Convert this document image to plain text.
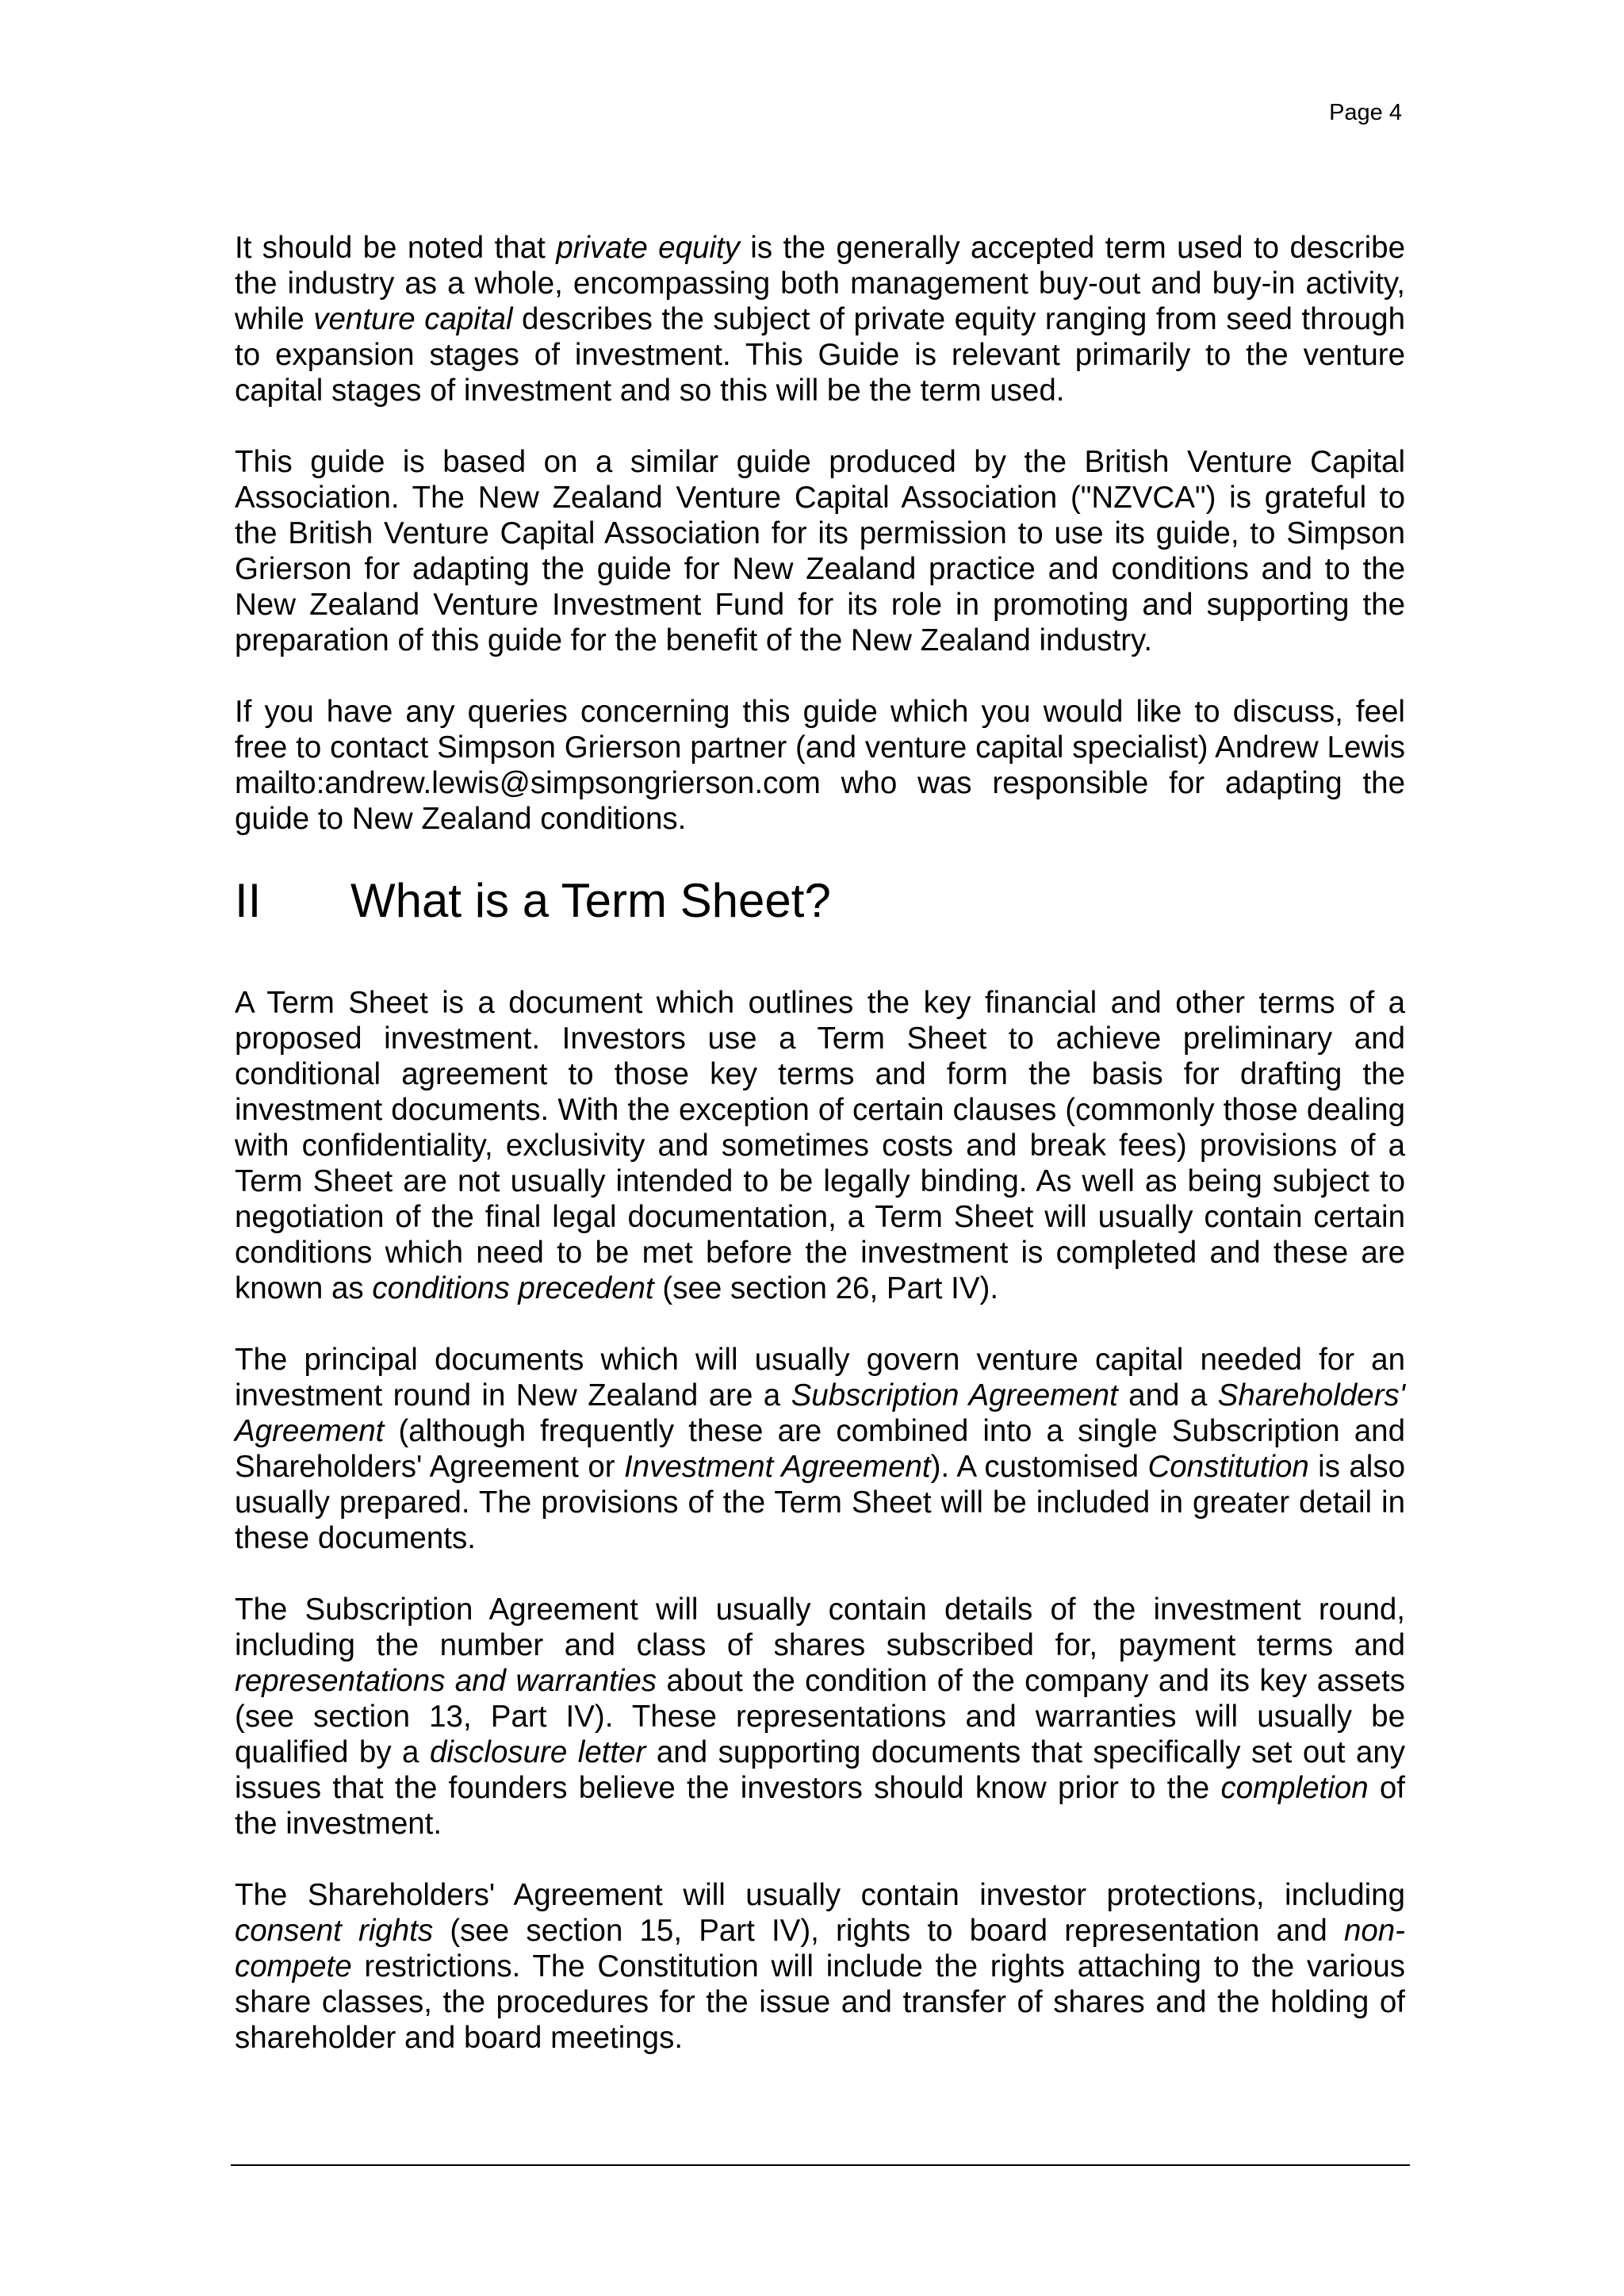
Page 4

It should be noted that private equity is the generally accepted term used to describe the industry as a whole, encompassing both management buy-out and buy-in activity, while venture capital describes the subject of private equity ranging from seed through to expansion stages of investment. This Guide is relevant primarily to the venture capital stages of investment and so this will be the term used.

This guide is based on a similar guide produced by the British Venture Capital Association. The New Zealand Venture Capital Association ("NZVCA") is grateful to the British Venture Capital Association for its permission to use its guide, to Simpson Grierson for adapting the guide for New Zealand practice and conditions and to the New Zealand Venture Investment Fund for its role in promoting and supporting the preparation of this guide for the benefit of the New Zealand industry.

If you have any queries concerning this guide which you would like to discuss, feel free to contact Simpson Grierson partner (and venture capital specialist) Andrew Lewis mailto:andrew.lewis@simpsongrierson.com who was responsible for adapting the guide to New Zealand conditions.

II	What is a Term Sheet?

A Term Sheet is a document which outlines the key financial and other terms of a proposed investment. Investors use a Term Sheet to achieve preliminary and conditional agreement to those key terms and form the basis for drafting the investment documents. With the exception of certain clauses (commonly those dealing with confidentiality, exclusivity and sometimes costs and break fees) provisions of a Term Sheet are not usually intended to be legally binding. As well as being subject to negotiation of the final legal documentation, a Term Sheet will usually contain certain conditions which need to be met before the investment is completed and these are known as conditions precedent (see section 26, Part IV).

The principal documents which will usually govern venture capital needed for an investment round in New Zealand are a Subscription Agreement and a Shareholders' Agreement (although frequently these are combined into a single Subscription and Shareholders' Agreement or Investment Agreement). A customised Constitution is also usually prepared. The provisions of the Term Sheet will be included in greater detail in these documents.

The Subscription Agreement will usually contain details of the investment round, including the number and class of shares subscribed for, payment terms and representations and warranties about the condition of the company and its key assets (see section 13, Part IV). These representations and warranties will usually be qualified by a disclosure letter and supporting documents that specifically set out any issues that the founders believe the investors should know prior to the completion of the investment.

The Shareholders' Agreement will usually contain investor protections, including consent rights (see section 15, Part IV), rights to board representation and non-compete restrictions. The Constitution will include the rights attaching to the various share classes, the procedures for the issue and transfer of shares and the holding of shareholder and board meetings.
